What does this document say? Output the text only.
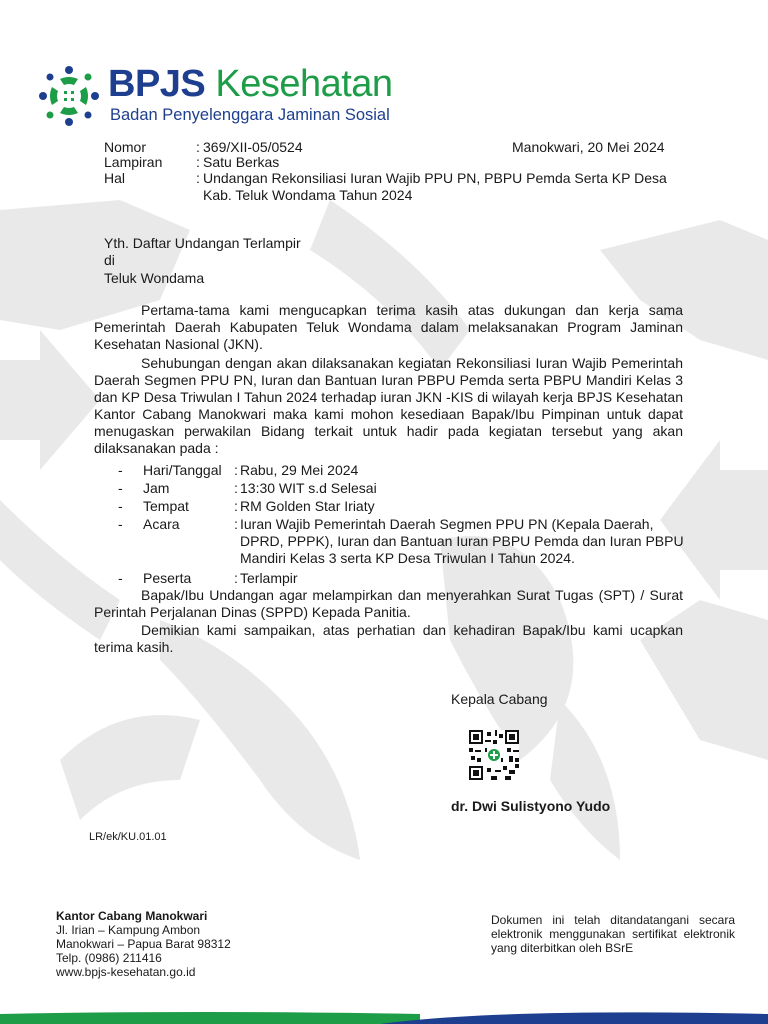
BPJS Kesehatan
Badan Penyelenggara Jaminan Sosial
Nomor	: 369/XII-05/0524	Manokwari, 20 Mei 2024
Lampiran	: Satu Berkas
Hal	: Undangan Rekonsiliasi Iuran Wajib PPU PN, PBPU Pemda Serta KP Desa Kab. Teluk Wondama Tahun 2024
Yth. Daftar Undangan Terlampir
di
Teluk Wondama
Pertama-tama kami mengucapkan terima kasih atas dukungan dan kerja sama Pemerintah Daerah Kabupaten Teluk Wondama dalam melaksanakan Program Jaminan Kesehatan Nasional (JKN).
Sehubungan dengan akan dilaksanakan kegiatan Rekonsiliasi Iuran Wajib Pemerintah Daerah Segmen PPU PN, Iuran dan Bantuan Iuran PBPU Pemda serta PBPU Mandiri Kelas 3 dan KP Desa Triwulan I Tahun 2024 terhadap iuran JKN -KIS di wilayah kerja BPJS Kesehatan Kantor Cabang Manokwari maka kami mohon kesediaan Bapak/Ibu Pimpinan untuk dapat menugaskan perwakilan Bidang terkait untuk hadir pada kegiatan tersebut yang akan dilaksanakan pada :
- Hari/Tanggal : Rabu, 29 Mei 2024
- Jam	: 13:30 WIT s.d Selesai
- Tempat	: RM Golden Star Iriaty
- Acara	: Iuran Wajib Pemerintah Daerah Segmen PPU PN (Kepala Daerah, DPRD, PPPK), Iuran dan Bantuan Iuran PBPU Pemda dan Iuran PBPU Mandiri Kelas 3 serta KP Desa Triwulan I Tahun 2024.
- Peserta	: Terlampir
Bapak/Ibu Undangan agar melampirkan dan menyerahkan Surat Tugas (SPT) / Surat Perintah Perjalanan Dinas (SPPD) Kepada Panitia.
Demikian kami sampaikan, atas perhatian dan kehadiran Bapak/Ibu kami ucapkan terima kasih.
Kepala Cabang
dr. Dwi Sulistyono Yudo
LR/ek/KU.01.01
Kantor Cabang Manokwari
Jl. Irian – Kampung Ambon
Manokwari – Papua Barat 98312
Telp. (0986) 211416
www.bpjs-kesehatan.go.id
Dokumen ini telah ditandatangani secara elektronik menggunakan sertifikat elektronik yang diterbitkan oleh BSrE
